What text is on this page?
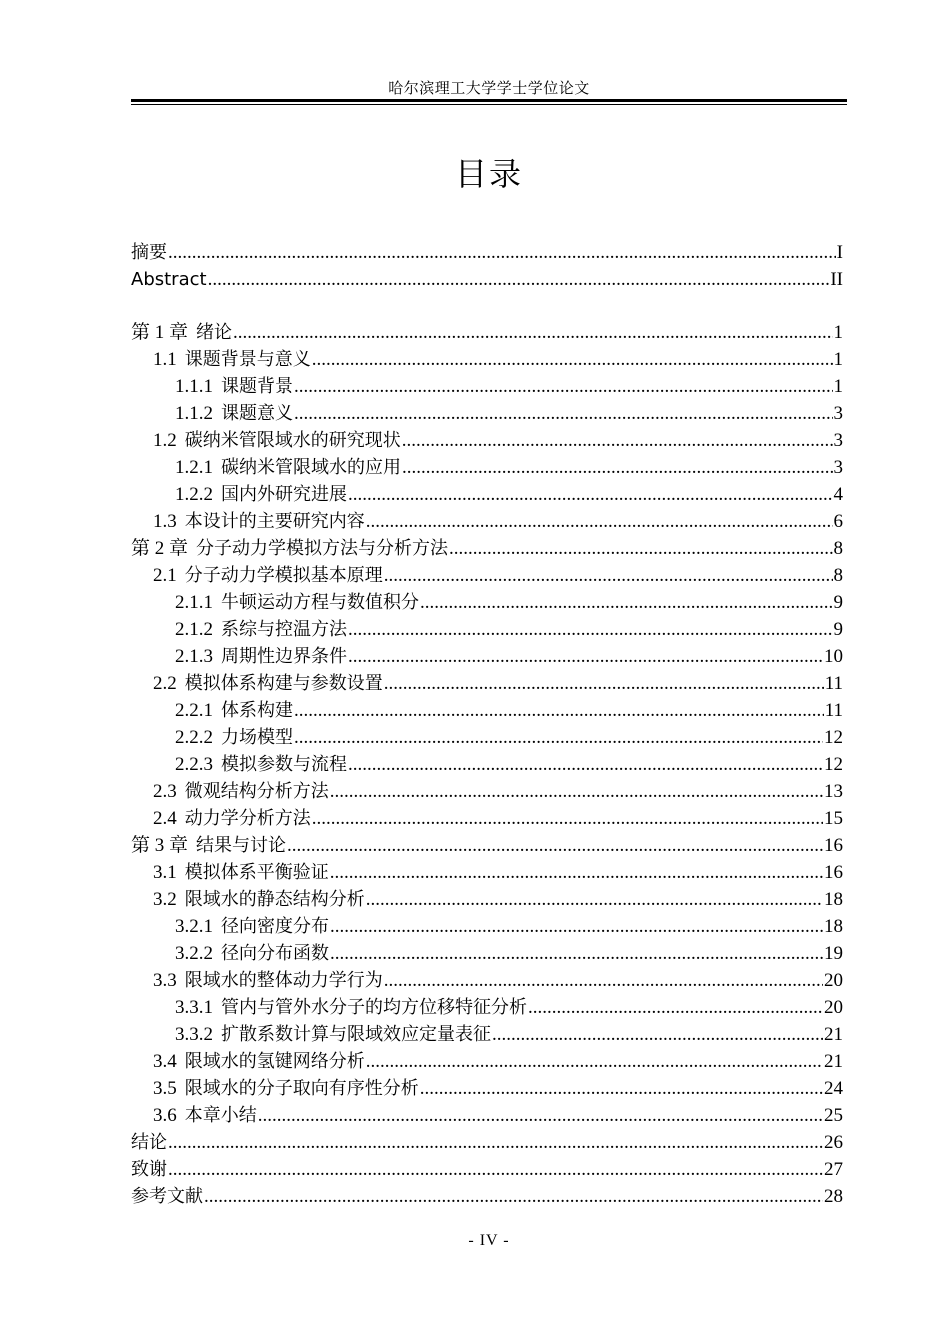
哈尔滨理工大学学士学位论文
目录
摘要 .....	I
Abstract .....	II
第 1 章 绪论 .....	1
1.1 课题背景与意义 .....	1
1.1.1 课题背景 .....	1
1.1.2 课题意义 .....	3
1.2 碳纳米管限域水的研究现状 .....	3
1.2.1 碳纳米管限域水的应用 .....	3
1.2.2 国内外研究进展 .....	4
1.3 本设计的主要研究内容 .....	6
第 2 章 分子动力学模拟方法与分析方法 .....	8
2.1 分子动力学模拟基本原理 .....	8
2.1.1 牛顿运动方程与数值积分 .....	9
2.1.2 系综与控温方法 .....	9
2.1.3 周期性边界条件 .....	10
2.2 模拟体系构建与参数设置 .....	11
2.2.1 体系构建 .....	11
2.2.2 力场模型 .....	12
2.2.3 模拟参数与流程 .....	12
2.3 微观结构分析方法 .....	13
2.4 动力学分析方法 .....	15
第 3 章 结果与讨论 .....	16
3.1 模拟体系平衡验证 .....	16
3.2 限域水的静态结构分析 .....	18
3.2.1 径向密度分布 .....	18
3.2.2 径向分布函数 .....	19
3.3 限域水的整体动力学行为 .....	20
3.3.1 管内与管外水分子的均方位移特征分析 .....	20
3.3.2 扩散系数计算与限域效应定量表征 .....	21
3.4 限域水的氢键网络分析 .....	21
3.5 限域水的分子取向有序性分析 .....	24
3.6 本章小结 .....	25
结论 .....	26
致谢 .....	27
参考文献 .....	28
- IV -
